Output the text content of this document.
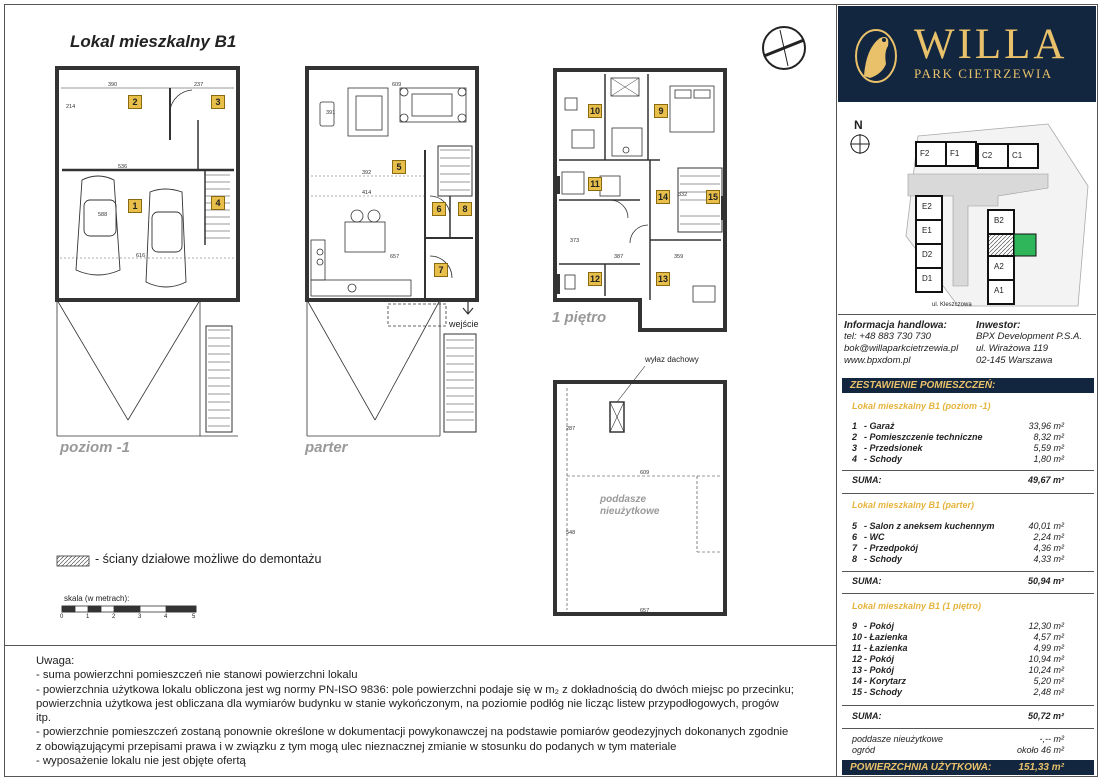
Lokal mieszkalny B1
2	3
1	4
5
6	8
7
10	9
11
14	15
12	13
390	237
536
616
214
588
609
392
414
657
391
359
387
332
373
609
657
287
548
poziom -1	parter
1 piętro
wejście
wyłaz dachowy
poddasze nieużytkowe
- ściany działowe możliwe do demontażu
skala (w metrach):
0	1	2	3	4	5
Uwaga:
- suma powierzchni pomieszczeń nie stanowi powierzchni lokalu
- powierzchnia użytkowa lokalu obliczona jest wg normy PN-ISO 9836: pole powierzchni podaje się w m₂ z dokładnością do dwóch miejsc po przecinku; powierzchnia użytkowa jest obliczana dla wymiarów budynku w stanie wykończonym, na poziomie podłóg nie licząc listew przypodłogowych, progów itp.
- powierzchnie pomieszczeń zostaną ponownie określone w dokumentacji powykonawczej na podstawie pomiarów geodezyjnych dokonanych zgodnie z obowiązującymi przepisami prawa i w związku z tym mogą ulec nieznacznej zmianie w stosunku do podanych w tym materiale
- wyposażenie lokalu nie jest objęte ofertą
WILLA
PARK CIETRZEWIA
N
F2	F1	C2 C1
E2
E1
D2
D1
B2
A2
A1
ul. Kleszczowa
Informacja handlowa:
tel: +48 883 730 730
bok@willaparkcietrzewia.pl
www.bpxdom.pl
Inwestor:
BPX Development P.S.A.
ul. Wirażowa 119
02-145 Warszawa
ZESTAWIENIE POMIESZCZEŃ:
Lokal mieszkalny B1 (poziom -1)
1 - Garaż	33,96 m²
2 - Pomieszczenie techniczne	8,32 m²
3 - Przedsionek	5,59 m²
4 - Schody	1,80 m²
SUMA:	49,67 m²
Lokal mieszkalny B1 (parter)
5 - Salon z aneksem kuchennym	40,01 m²
6 - WC	2,24 m²
7 - Przedpokój	4,36 m²
8 - Schody	4,33 m²
SUMA:	50,94 m²
Lokal mieszkalny B1 (1 piętro)
9 - Pokój	12,30 m²
10 - Łazienka	4,57 m²
11 - Łazienka	4,99 m²
12 - Pokój	10,94 m²
13 - Pokój	10,24 m²
14 - Korytarz	5,20 m²
15 - Schody	2,48 m²
SUMA:	50,72 m²
poddasze nieużytkowe	-,-- m²
ogród	około 46 m²
POWIERZCHNIA UŻYTKOWA:	151,33 m²
